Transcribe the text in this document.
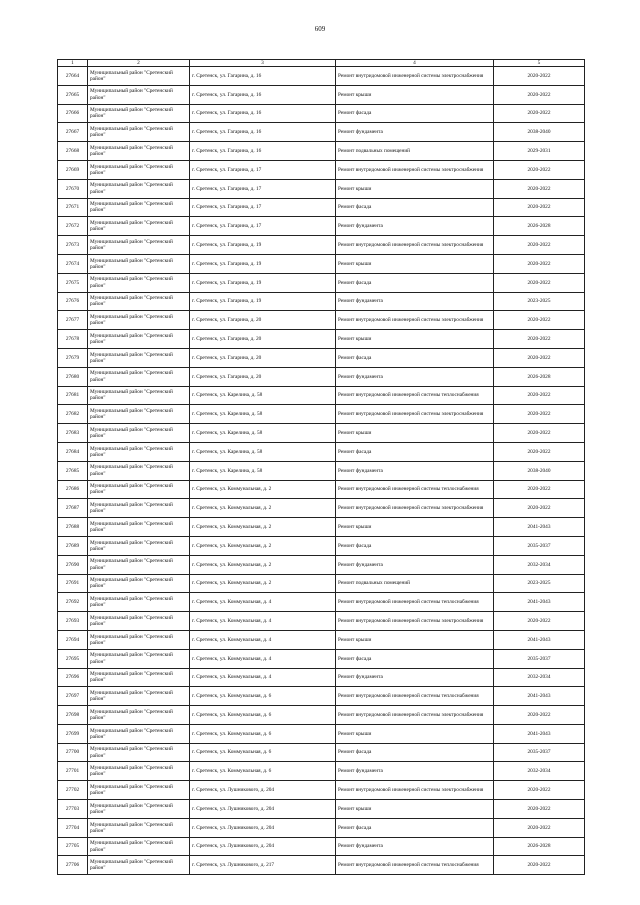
609
1	2	3	4	5
27664	Муниципальный район "Сретенский район"	г. Сретенск, ул. Гагарина, д. 16	Ремонт внутридомовой инженерной системы электроснабжения	2020-2022
27665	Муниципальный район "Сретенский район"	г. Сретенск, ул. Гагарина, д. 16	Ремонт крыши	2020-2022
27666	Муниципальный район "Сретенский район"	г. Сретенск, ул. Гагарина, д. 16	Ремонт фасада	2020-2022
27667	Муниципальный район "Сретенский район"	г. Сретенск, ул. Гагарина, д. 16	Ремонт фундамента	2038-2040
27668	Муниципальный район "Сретенский район"	г. Сретенск, ул. Гагарина, д. 16	Ремонт подвальных помещений	2029-2031
27669	Муниципальный район "Сретенский район"	г. Сретенск, ул. Гагарина, д. 17	Ремонт внутридомовой инженерной системы электроснабжения	2020-2022
27670	Муниципальный район "Сретенский район"	г. Сретенск, ул. Гагарина, д. 17	Ремонт крыши	2020-2022
27671	Муниципальный район "Сретенский район"	г. Сретенск, ул. Гагарина, д. 17	Ремонт фасада	2020-2022
27672	Муниципальный район "Сретенский район"	г. Сретенск, ул. Гагарина, д. 17	Ремонт фундамента	2026-2028
27673	Муниципальный район "Сретенский район"	г. Сретенск, ул. Гагарина, д. 19	Ремонт внутридомовой инженерной системы электроснабжения	2020-2022
27674	Муниципальный район "Сретенский район"	г. Сретенск, ул. Гагарина, д. 19	Ремонт крыши	2020-2022
27675	Муниципальный район "Сретенский район"	г. Сретенск, ул. Гагарина, д. 19	Ремонт фасада	2020-2022
27676	Муниципальный район "Сретенский район"	г. Сретенск, ул. Гагарина, д. 19	Ремонт фундамента	2023-2025
27677	Муниципальный район "Сретенский район"	г. Сретенск, ул. Гагарина, д. 20	Ремонт внутридомовой инженерной системы электроснабжения	2020-2022
27678	Муниципальный район "Сретенский район"	г. Сретенск, ул. Гагарина, д. 20	Ремонт крыши	2020-2022
27679	Муниципальный район "Сретенский район"	г. Сретенск, ул. Гагарина, д. 20	Ремонт фасада	2020-2022
27680	Муниципальный район "Сретенский район"	г. Сретенск, ул. Гагарина, д. 20	Ремонт фундамента	2026-2028
27681	Муниципальный район "Сретенский район"	г. Сретенск, ул. Карелина, д. 58	Ремонт внутридомовой инженерной системы теплоснабжения	2020-2022
27682	Муниципальный район "Сретенский район"	г. Сретенск, ул. Карелина, д. 58	Ремонт внутридомовой инженерной системы электроснабжения	2020-2022
27683	Муниципальный район "Сретенский район"	г. Сретенск, ул. Карелина, д. 58	Ремонт крыши	2020-2022
27684	Муниципальный район "Сретенский район"	г. Сретенск, ул. Карелина, д. 58	Ремонт фасада	2020-2022
27685	Муниципальный район "Сретенский район"	г. Сретенск, ул. Карелина, д. 58	Ремонт фундамента	2038-2040
27686	Муниципальный район "Сретенский район"	г. Сретенск, ул. Коммунальная, д. 2	Ремонт внутридомовой инженерной системы теплоснабжения	2020-2022
27687	Муниципальный район "Сретенский район"	г. Сретенск, ул. Коммунальная, д. 2	Ремонт внутридомовой инженерной системы электроснабжения	2020-2022
27688	Муниципальный район "Сретенский район"	г. Сретенск, ул. Коммунальная, д. 2	Ремонт крыши	2041-2043
27689	Муниципальный район "Сретенский район"	г. Сретенск, ул. Коммунальная, д. 2	Ремонт фасада	2035-2037
27690	Муниципальный район "Сретенский район"	г. Сретенск, ул. Коммунальная, д. 2	Ремонт фундамента	2032-2034
27691	Муниципальный район "Сретенский район"	г. Сретенск, ул. Коммунальная, д. 2	Ремонт подвальных помещений	2023-2025
27692	Муниципальный район "Сретенский район"	г. Сретенск, ул. Коммунальная, д. 4	Ремонт внутридомовой инженерной системы теплоснабжения	2041-2043
27693	Муниципальный район "Сретенский район"	г. Сретенск, ул. Коммунальная, д. 4	Ремонт внутридомовой инженерной системы электроснабжения	2020-2022
27694	Муниципальный район "Сретенский район"	г. Сретенск, ул. Коммунальная, д. 4	Ремонт крыши	2041-2043
27695	Муниципальный район "Сретенский район"	г. Сретенск, ул. Коммунальная, д. 4	Ремонт фасада	2035-2037
27696	Муниципальный район "Сретенский район"	г. Сретенск, ул. Коммунальная, д. 4	Ремонт фундамента	2032-2034
27697	Муниципальный район "Сретенский район"	г. Сретенск, ул. Коммунальная, д. 6	Ремонт внутридомовой инженерной системы теплоснабжения	2041-2043
27698	Муниципальный район "Сретенский район"	г. Сретенск, ул. Коммунальная, д. 6	Ремонт внутридомовой инженерной системы электроснабжения	2020-2022
27699	Муниципальный район "Сретенский район"	г. Сретенск, ул. Коммунальная, д. 6	Ремонт крыши	2041-2043
27700	Муниципальный район "Сретенский район"	г. Сретенск, ул. Коммунальная, д. 6	Ремонт фасада	2035-2037
27701	Муниципальный район "Сретенский район"	г. Сретенск, ул. Коммунальная, д. 6	Ремонт фундамента	2032-2034
27702	Муниципальный район "Сретенский район"	г. Сретенск, ул. Лушникового, д. 204	Ремонт внутридомовой инженерной системы электроснабжения	2020-2022
27703	Муниципальный район "Сретенский район"	г. Сретенск, ул. Лушникового, д. 204	Ремонт крыши	2020-2022
27704	Муниципальный район "Сретенский район"	г. Сретенск, ул. Лушникового, д. 204	Ремонт фасада	2020-2022
27705	Муниципальный район "Сретенский район"	г. Сретенск, ул. Лушникового, д. 204	Ремонт фундамента	2026-2028
27706	Муниципальный район "Сретенский район"	г. Сретенск, ул. Лушникового, д. 217	Ремонт внутридомовой инженерной системы теплоснабжения	2020-2022
